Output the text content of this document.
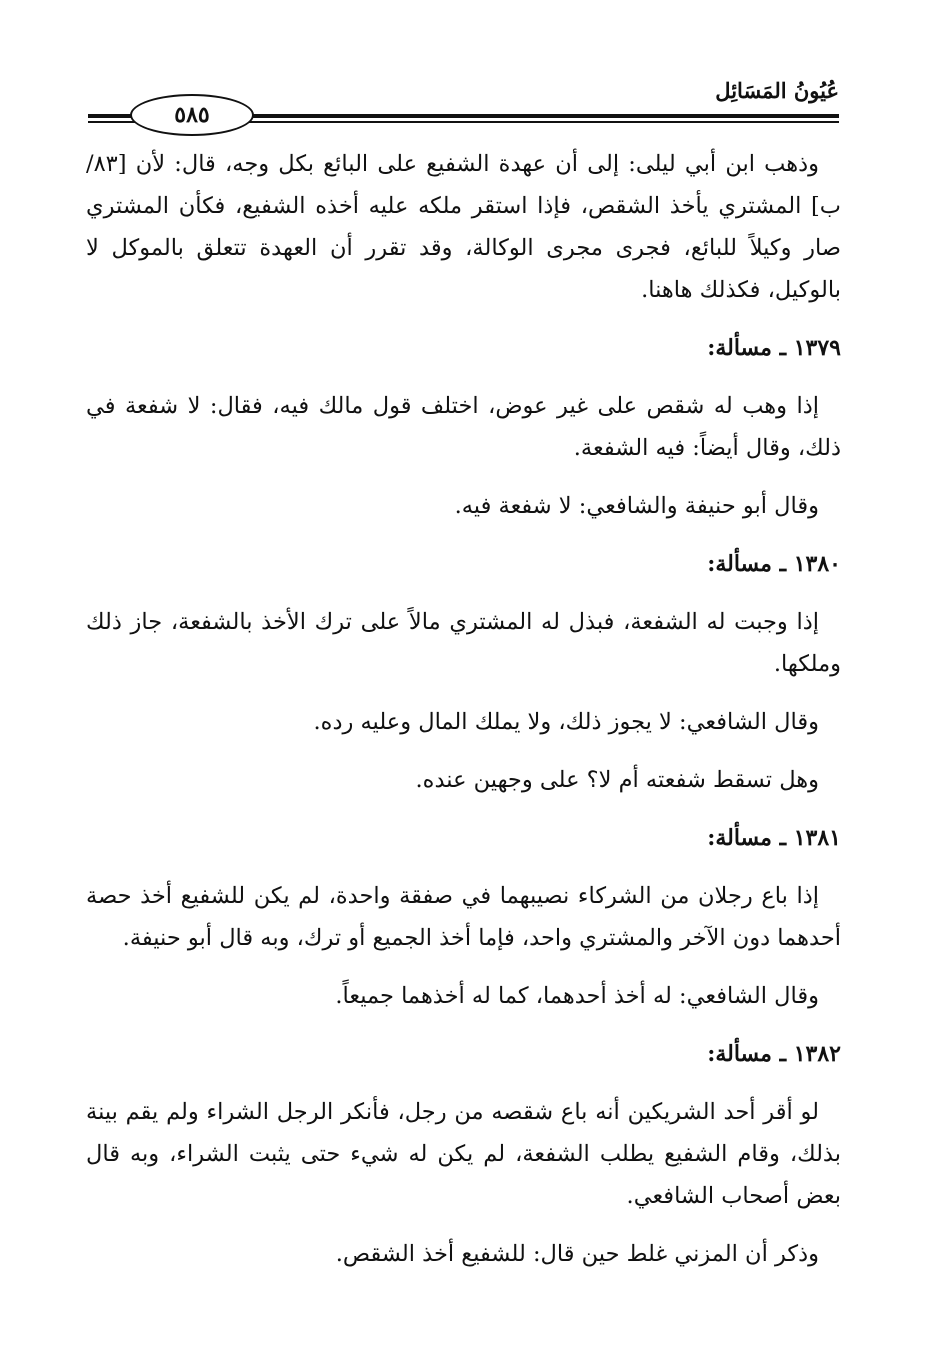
عُيُونُ المَسَائِل
٥٨٥

وذهب ابن أبي ليلى: إلى أن عهدة الشفيع على البائع بكل وجه، قال: لأن [٨٣/ب] المشتري يأخذ الشقص، فإذا استقر ملكه عليه أخذه الشفيع، فكأن المشتري صار وكيلاً للبائع، فجرى مجرى الوكالة، وقد تقرر أن العهدة تتعلق بالموكل لا بالوكيل، فكذلك هاهنا.

١٣٧٩ ـ مسألة:

إذا وهب له شقص على غير عوض، اختلف قول مالك فيه، فقال: لا شفعة في ذلك، وقال أيضاً: فيه الشفعة.

وقال أبو حنيفة والشافعي: لا شفعة فيه.

١٣٨٠ ـ مسألة:

إذا وجبت له الشفعة، فبذل له المشتري مالاً على ترك الأخذ بالشفعة، جاز ذلك وملكها.

وقال الشافعي: لا يجوز ذلك، ولا يملك المال وعليه رده.

وهل تسقط شفعته أم لا؟ على وجهين عنده.

١٣٨١ ـ مسألة:

إذا باع رجلان من الشركاء نصيبهما في صفقة واحدة، لم يكن للشفيع أخذ حصة أحدهما دون الآخر والمشتري واحد، فإما أخذ الجميع أو ترك، وبه قال أبو حنيفة.

وقال الشافعي: له أخذ أحدهما، كما له أخذهما جميعاً.

١٣٨٢ ـ مسألة:

لو أقر أحد الشريكين أنه باع شقصه من رجل، فأنكر الرجل الشراء ولم يقم بينة بذلك، وقام الشفيع يطلب الشفعة، لم يكن له شيء حتى يثبت الشراء، وبه قال بعض أصحاب الشافعي.

وذكر أن المزني غلط حين قال: للشفيع أخذ الشقص.
